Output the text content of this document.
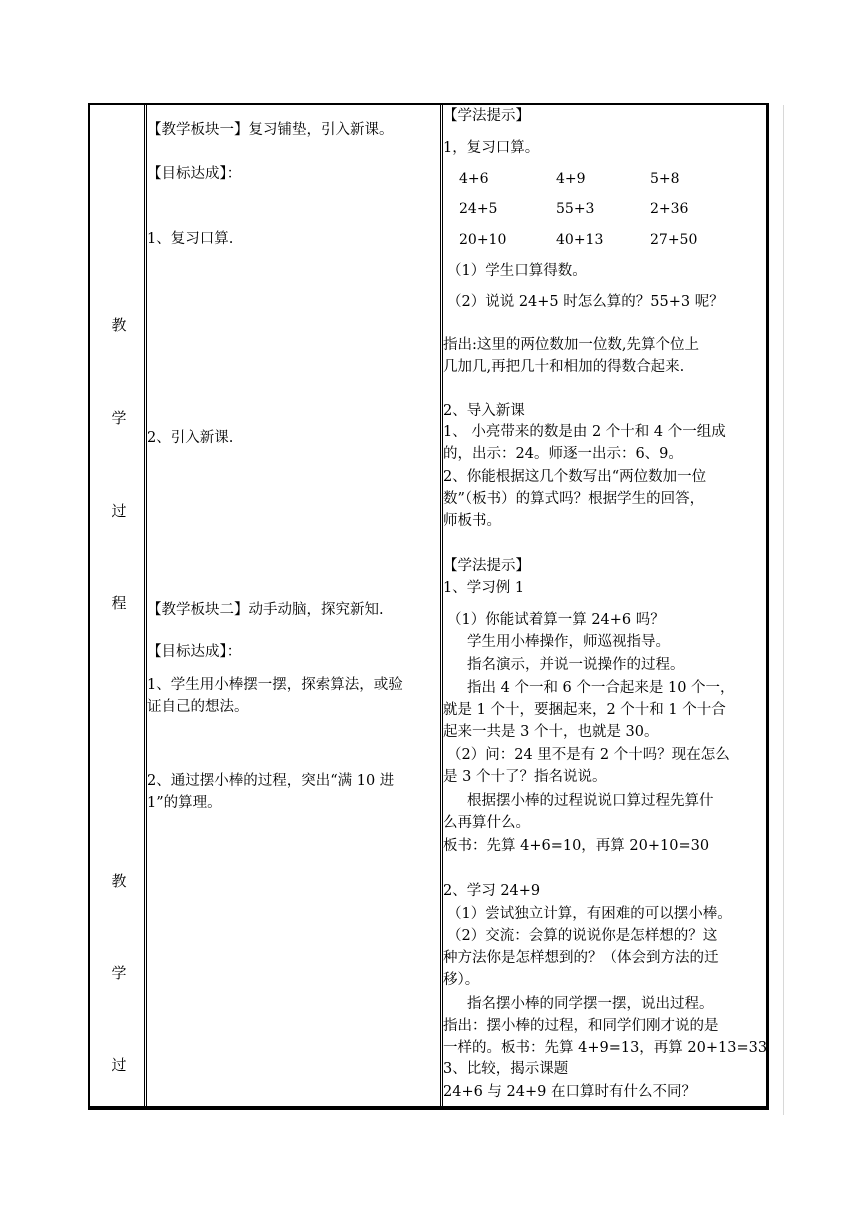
教
学
过
程
教
学
过
【教学板块一】复习铺垫，引入新课。
【目标达成】：
1、复习口算.
2、引入新课.
【教学板块二】动手动脑，探究新知.
【目标达成】：
1、学生用小棒摆一摆，探索算法，或验
证自己的想法。
2、通过摆小棒的过程，突出“满 10 进
1”的算理。
【学法提示】
1，复习口算。
4+6	4+9	5+8
24+5	55+3	2+36
20+10	40+13	27+50
（1）学生口算得数。
（2）说说 24+5 时怎么算的？55+3 呢？
指出:这里的两位数加一位数,先算个位上
几加几,再把几十和相加的得数合起来.
2、导入新课
1、 小亮带来的数是由 2 个十和 4 个一组成
的，出示：24。师逐一出示：6、9。
2、你能根据这几个数写出“两位数加一位
数”（板书）的算式吗？根据学生的回答，
师板书。
【学法提示】
1、学习例 1
（1）你能试着算一算 24+6 吗？
学生用小棒操作，师巡视指导。
指名演示，并说一说操作的过程。
指出 4 个一和 6 个一合起来是 10 个一，
就是 1 个十，要捆起来，2 个十和 1 个十合
起来一共是 3 个十，也就是 30。
（2）问：24 里不是有 2 个十吗？现在怎么
是 3 个十了？指名说说。
根据摆小棒的过程说说口算过程先算什
么再算什么。
板书：先算 4+6=10，再算 20+10=30
2、学习 24+9
（1）尝试独立计算，有困难的可以摆小棒。
（2）交流：会算的说说你是怎样想的？这
种方法你是怎样想到的？（体会到方法的迁
移）。
指名摆小棒的同学摆一摆，说出过程。
指出：摆小棒的过程，和同学们刚才说的是
一样的。板书：先算 4+9=13，再算 20+13=33
3、比较，揭示课题
24+6 与 24+9 在口算时有什么不同？
